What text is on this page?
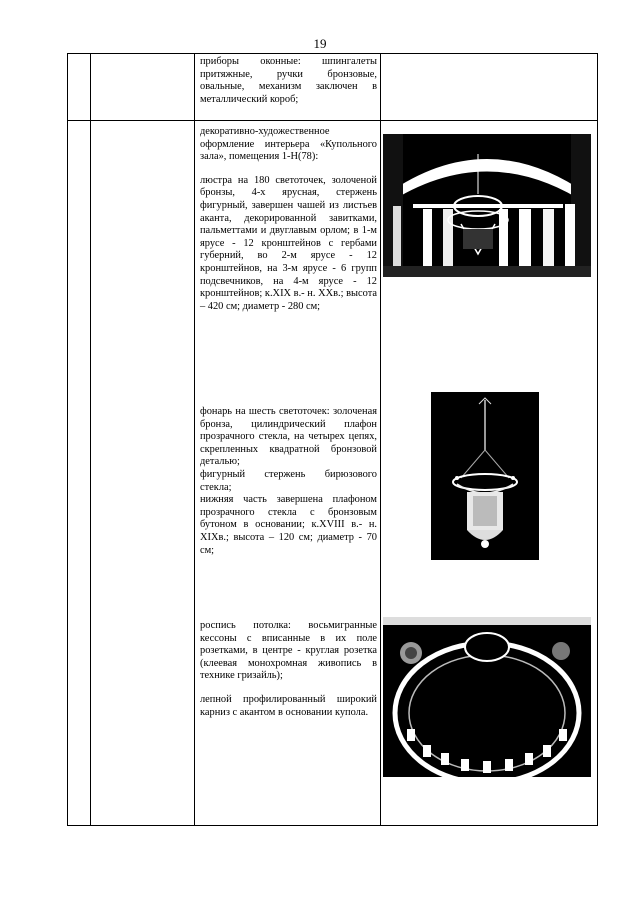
19

приборы оконные: шпингалеты притяжные, ручки бронзовые, овальные, механизм заключен в металлический короб;

декоративно-художественное оформление интерьера «Купольного зала», помещения 1-Н(78):

люстра на 180 светоточек, золоченой бронзы, 4-х ярусная, стержень фигурный, завершен чашей из листьев аканта, декорированной завитками, пальметтами и двуглавым орлом; в 1-м ярусе - 12 кронштейнов с гербами губерний, во 2-м ярусе - 12 кронштейнов, на 3-м ярусе - 6 групп подсвечников, на 4-м ярусе - 12 кронштейнов; к.XIX в.- н. XXв.; высота – 420 см; диаметр - 280 см;

фонарь на шесть светоточек: золоченая бронза, цилиндрический плафон прозрачного стекла, на четырех цепях, скрепленных квадратной бронзовой деталью;

фигурный стержень бирюзового стекла;

нижняя часть завершена плафоном прозрачного стекла с бронзовым бутоном в основании; к.XVIII в.- н. XIXв.; высота – 120 см; диаметр - 70 см;

роспись потолка: восьмигранные кессоны с вписанные в их поле розетками, в центре - круглая розетка (клеевая монохромная живопись в технике гризайль);

лепной профилированный широкий карниз с акантом в основании купола.
